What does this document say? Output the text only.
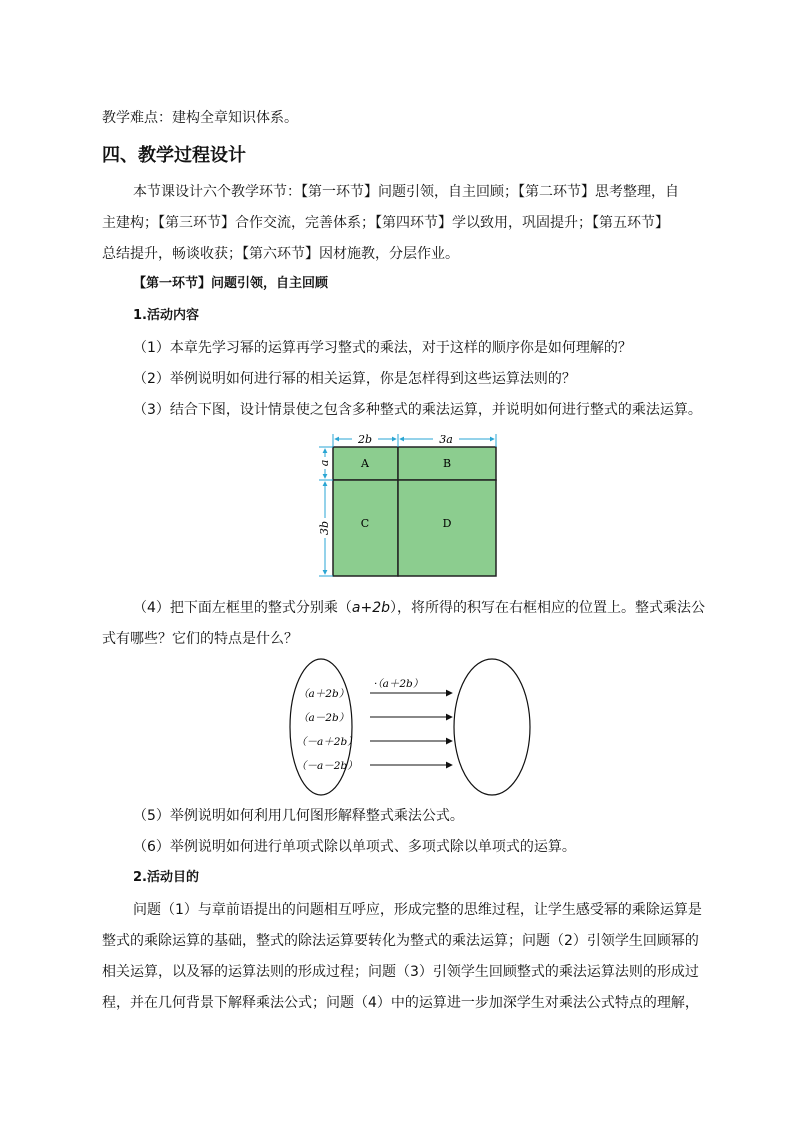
教学难点：建构全章知识体系。
四、教学过程设计
本节课设计六个教学环节：【第一环节】问题引领，自主回顾；【第二环节】思考整理，自
主建构；【第三环节】合作交流，完善体系；【第四环节】学以致用，巩固提升；【第五环节】
总结提升，畅谈收获；【第六环节】因材施教，分层作业。
【第一环节】问题引领，自主回顾
1.活动内容
（1）本章先学习幂的运算再学习整式的乘法，对于这样的顺序你是如何理解的？
（2）举例说明如何进行幂的相关运算，你是怎样得到这些运算法则的？
（3）结合下图，设计情景使之包含多种整式的乘法运算，并说明如何进行整式的乘法运算。
2b	3a
a
3b
A	B
C	D
（4）把下面左框里的整式分别乘（a+2b），将所得的积写在右框相应的位置上。整式乘法公
式有哪些？它们的特点是什么？
（a＋2b）
（a－2b）
（－a＋2b）
（－a－2b）
·（a＋2b）
（5）举例说明如何利用几何图形解释整式乘法公式。
（6）举例说明如何进行单项式除以单项式、多项式除以单项式的运算。
2.活动目的
问题（1）与章前语提出的问题相互呼应，形成完整的思维过程，让学生感受幂的乘除运算是
整式的乘除运算的基础，整式的除法运算要转化为整式的乘法运算；问题（2）引领学生回顾幂的
相关运算，以及幂的运算法则的形成过程；问题（3）引领学生回顾整式的乘法运算法则的形成过
程，并在几何背景下解释乘法公式；问题（4）中的运算进一步加深学生对乘法公式特点的理解，
